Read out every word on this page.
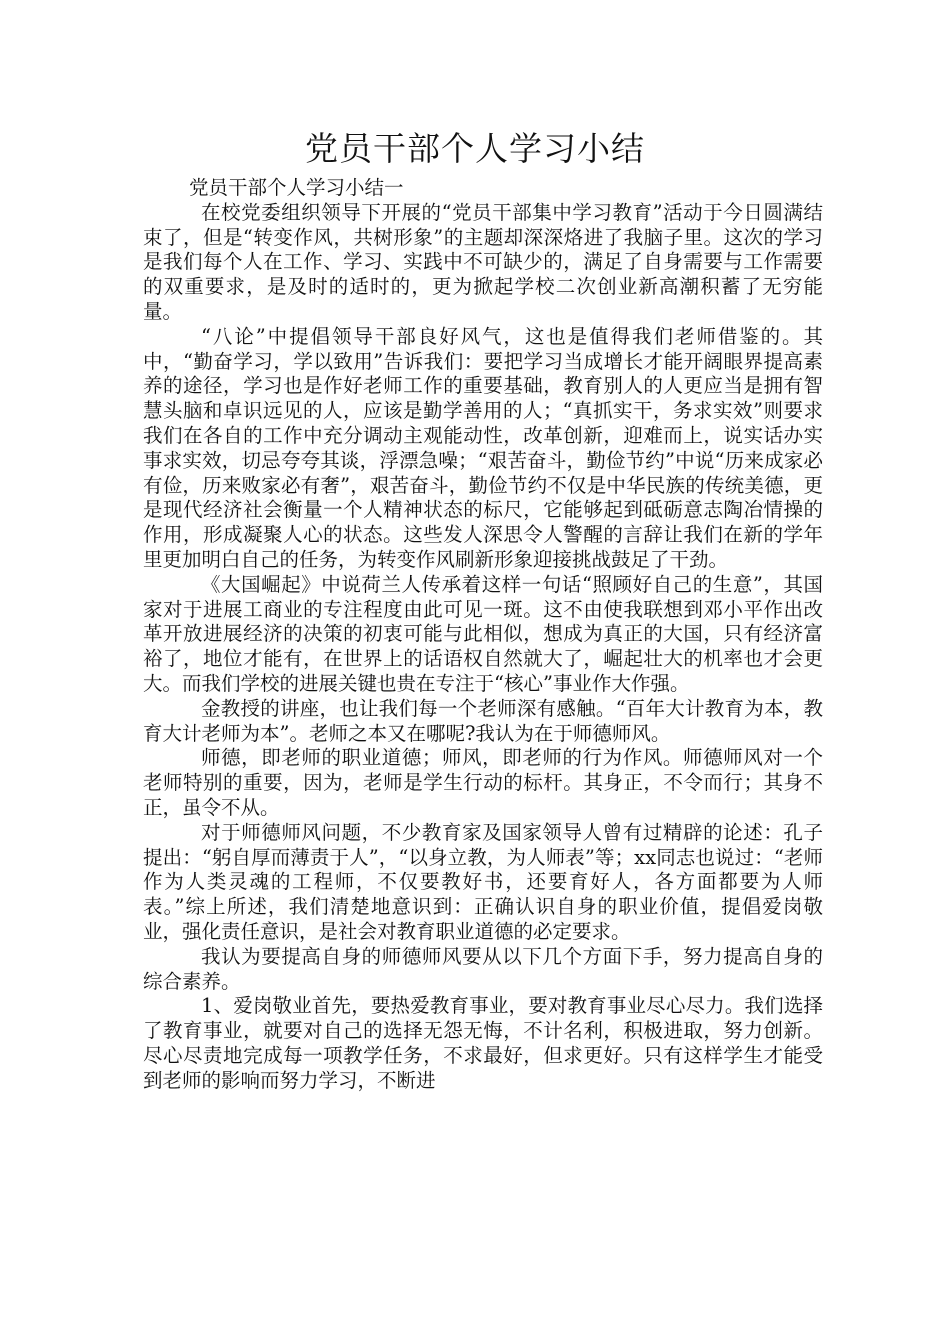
党员干部个人学习小结

党员干部个人学习小结一

在校党委组织领导下开展的“党员干部集中学习教育”活动于今日圆满结束了，但是“转变作风，共树形象”的主题却深深烙进了我脑子里。这次的学习是我们每个人在工作、学习、实践中不可缺少的，满足了自身需要与工作需要的双重要求，是及时的适时的，更为掀起学校二次创业新高潮积蓄了无穷能量。

“八论”中提倡领导干部良好风气，这也是值得我们老师借鉴的。其中，“勤奋学习，学以致用”告诉我们：要把学习当成增长才能开阔眼界提高素养的途径，学习也是作好老师工作的重要基础，教育别人的人更应当是拥有智慧头脑和卓识远见的人，应该是勤学善用的人；“真抓实干，务求实效”则要求我们在各自的工作中充分调动主观能动性，改革创新，迎难而上，说实话办实事求实效，切忌夸夸其谈，浮漂急噪；“艰苦奋斗，勤俭节约”中说“历来成家必有俭，历来败家必有奢”，艰苦奋斗，勤俭节约不仅是中华民族的传统美德，更是现代经济社会衡量一个人精神状态的标尺，它能够起到砥砺意志陶冶情操的作用，形成凝聚人心的状态。这些发人深思令人警醒的言辞让我们在新的学年里更加明白自己的任务，为转变作风刷新形象迎接挑战鼓足了干劲。

《大国崛起》中说荷兰人传承着这样一句话“照顾好自己的生意”，其国家对于进展工商业的专注程度由此可见一斑。这不由使我联想到邓小平作出改革开放进展经济的决策的初衷可能与此相似，想成为真正的大国，只有经济富裕了，地位才能有，在世界上的话语权自然就大了，崛起壮大的机率也才会更大。而我们学校的进展关键也贵在专注于“核心”事业作大作强。

金教授的讲座，也让我们每一个老师深有感触。“百年大计教育为本，教育大计老师为本”。老师之本又在哪呢?我认为在于师德师风。

师德，即老师的职业道德；师风，即老师的行为作风。师德师风对一个老师特别的重要，因为，老师是学生行动的标杆。其身正，不令而行；其身不正，虽令不从。

对于师德师风问题，不少教育家及国家领导人曾有过精辟的论述：孔子提出：“躬自厚而薄责于人”，“以身立教，为人师表”等；xx同志也说过：“老师作为人类灵魂的工程师，不仅要教好书，还要育好人，各方面都要为人师表。”综上所述，我们清楚地意识到：正确认识自身的职业价值，提倡爱岗敬业，强化责任意识，是社会对教育职业道德的必定要求。

我认为要提高自身的师德师风要从以下几个方面下手，努力提高自身的综合素养。

1、爱岗敬业首先，要热爱教育事业，要对教育事业尽心尽力。我们选择了教育事业，就要对自己的选择无怨无悔，不计名利，积极进取，努力创新。尽心尽责地完成每一项教学任务，不求最好，但求更好。只有这样学生才能受到老师的影响而努力学习，不断进
